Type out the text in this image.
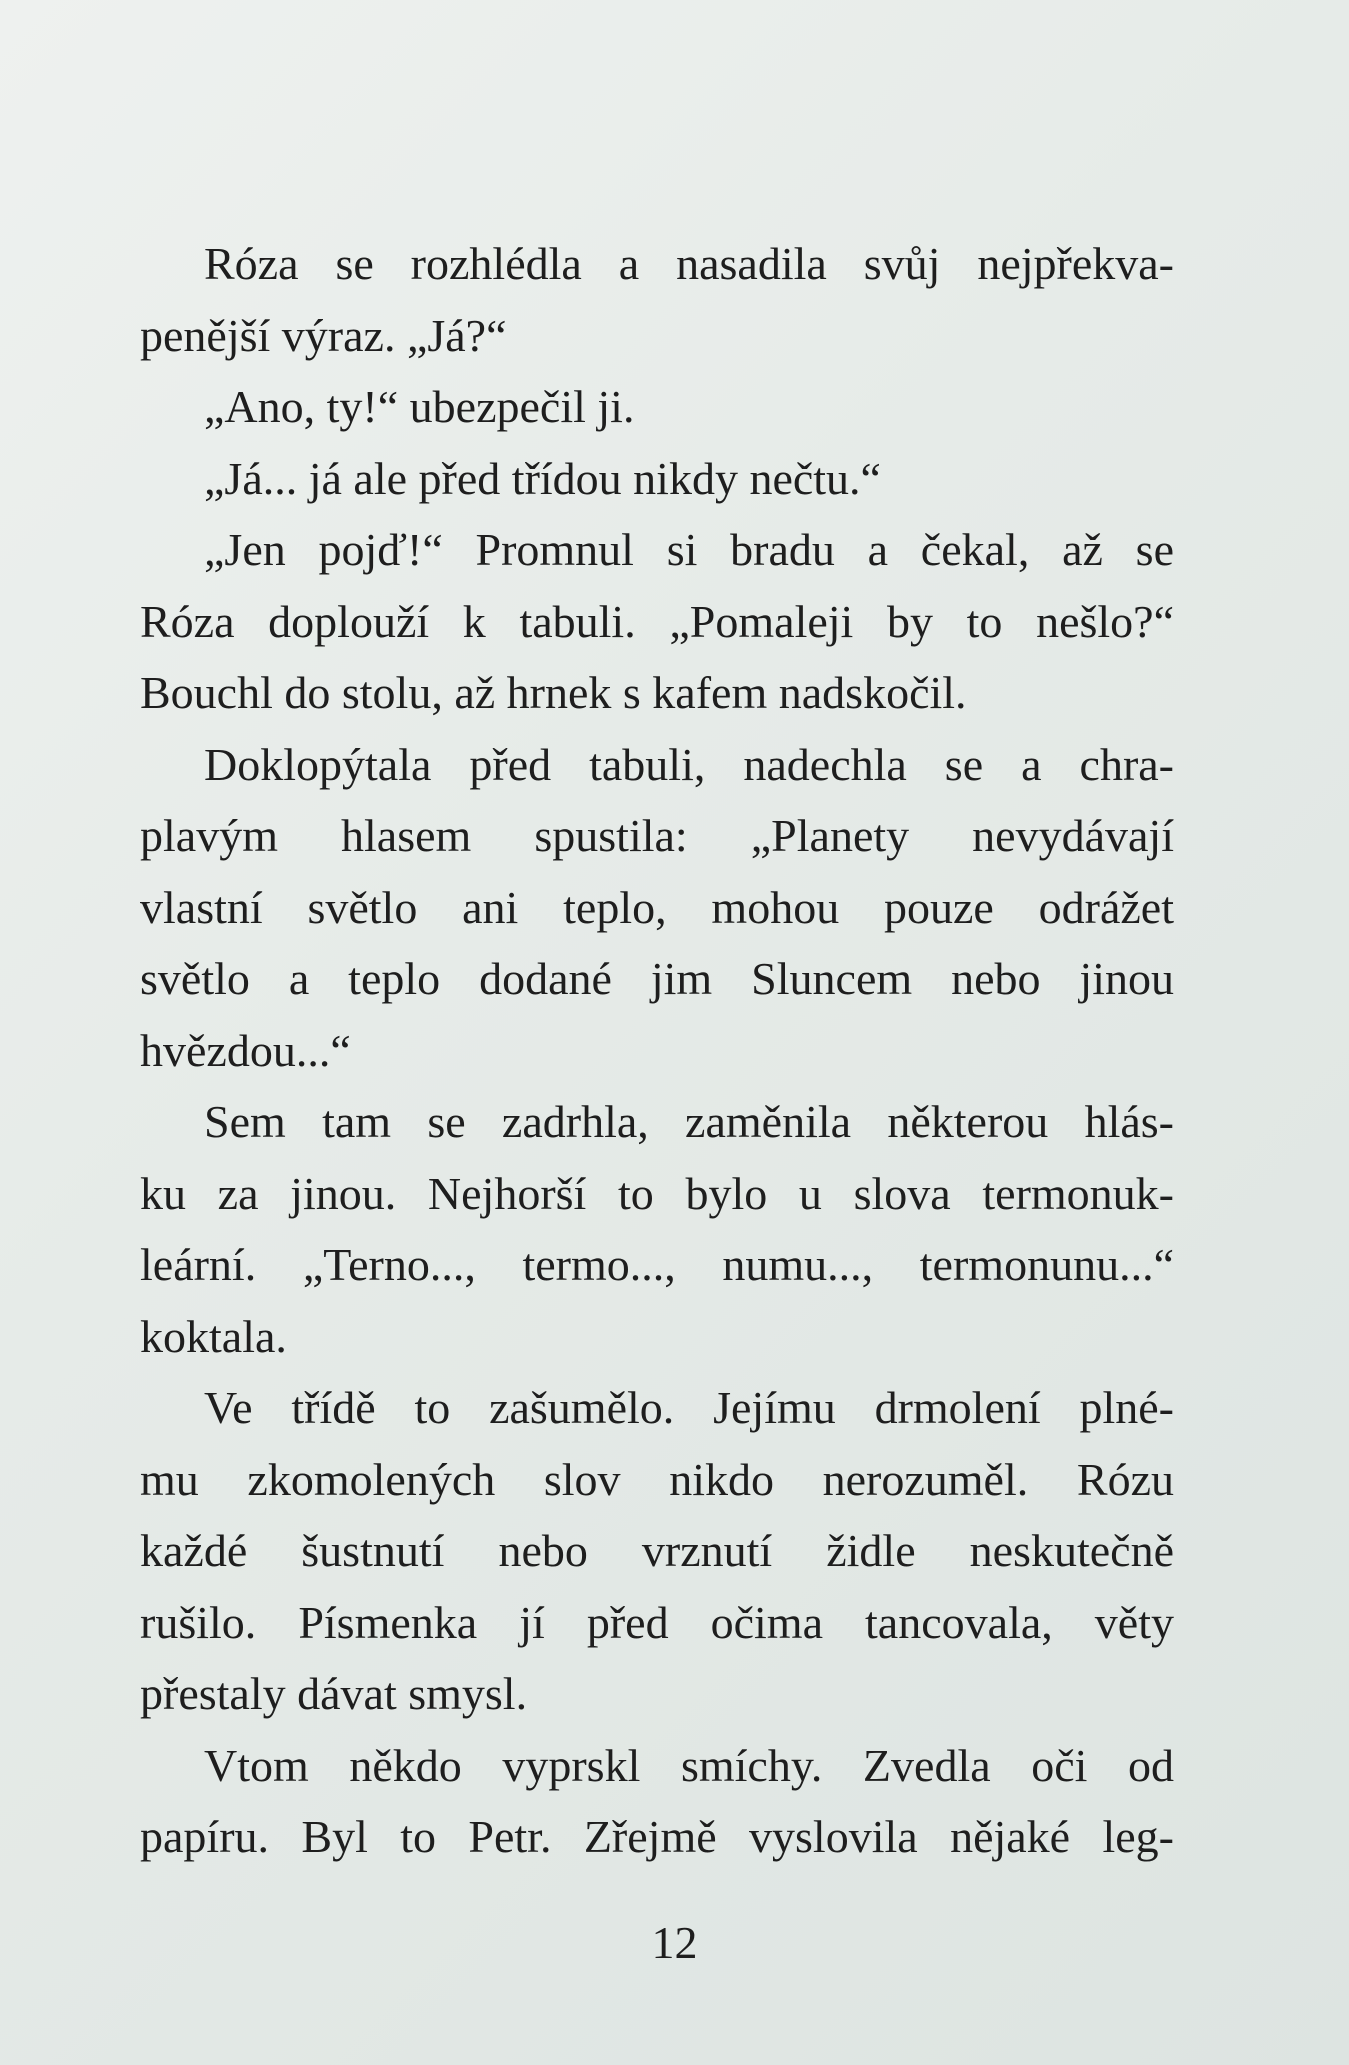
Róza se rozhlédla a nasadila svůj nejpřekva-
penější výraz. „Já?“
„Ano, ty!“ ubezpečil ji.
„Já... já ale před třídou nikdy nečtu.“
„Jen pojď!“ Promnul si bradu a čekal, až se
Róza doplouží k tabuli. „Pomaleji by to nešlo?“
Bouchl do stolu, až hrnek s kafem nadskočil.
Doklopýtala před tabuli, nadechla se a chra-
plavým hlasem spustila: „Planety nevydávají
vlastní světlo ani teplo, mohou pouze odrážet
světlo a teplo dodané jim Sluncem nebo jinou
hvězdou...“
Sem tam se zadrhla, zaměnila některou hlás-
ku za jinou. Nejhorší to bylo u slova termonuk-
leární. „Terno..., termo..., numu..., termonunu...“
koktala.
Ve třídě to zašumělo. Jejímu drmolení plné-
mu zkomolených slov nikdo nerozuměl. Rózu
každé šustnutí nebo vrznutí židle neskutečně
rušilo. Písmenka jí před očima tancovala, věty
přestaly dávat smysl.
Vtom někdo vyprskl smíchy. Zvedla oči od
papíru. Byl to Petr. Zřejmě vyslovila nějaké leg-
12
